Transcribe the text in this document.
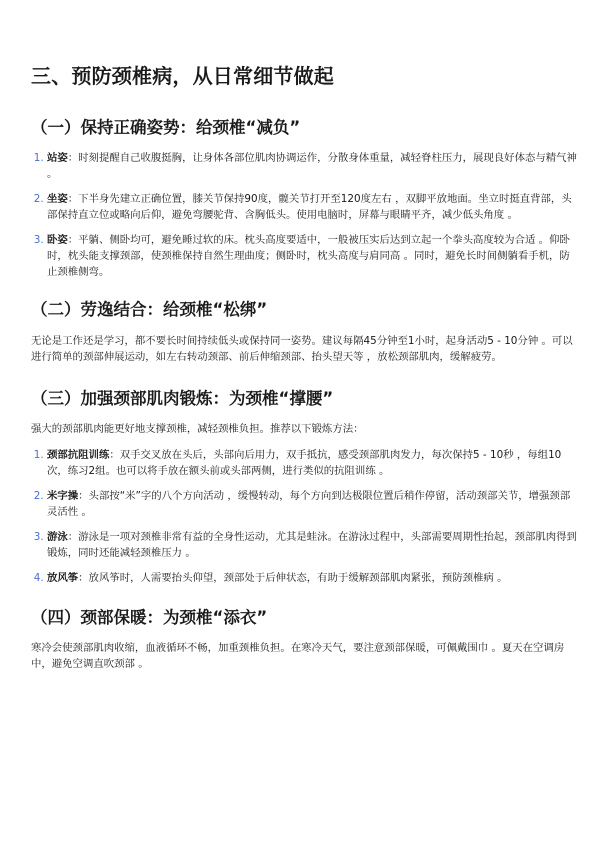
三、预防颈椎病，从日常细节做起
（一）保持正确姿势：给颈椎“减负”
1. 站姿：时刻提醒自己收腹挺胸，让身体各部位肌肉协调运作，分散身体重量，减轻脊柱压力，展现良好体态与精气神 。
2. 坐姿：下半身先建立正确位置，膝关节保持90度，髋关节打开至120度左右 ，双脚平放地面。坐立时挺直背部，头部保持直立位或略向后仰，避免弯腰驼背、含胸低头。使用电脑时，屏幕与眼睛平齐，减少低头角度 。
3. 卧姿：平躺、侧卧均可，避免睡过软的床。枕头高度要适中，一般被压实后达到立起一个拳头高度较为合适 。仰卧时，枕头能支撑颈部，使颈椎保持自然生理曲度；侧卧时，枕头高度与肩同高 。同时，避免长时间侧躺看手机，防止颈椎侧弯。
（二）劳逸结合：给颈椎“松绑”

无论是工作还是学习，都不要长时间持续低头或保持同一姿势。建议每隔45分钟至1小时，起身活动5 - 10分钟 。可以进行简单的颈部伸展运动，如左右转动颈部、前后伸缩颈部、抬头望天等 ，放松颈部肌肉，缓解疲劳。

（三）加强颈部肌肉锻炼：为颈椎“撑腰”

强大的颈部肌肉能更好地支撑颈椎，减轻颈椎负担。推荐以下锻炼方法：

1. 颈部抗阻训练：双手交叉放在头后，头部向后用力，双手抵抗，感受颈部肌肉发力，每次保持5 - 10秒 ，每组10次，练习2组。也可以将手放在额头前或头部两侧，进行类似的抗阻训练 。
2. 米字操：头部按“米”字的八个方向活动 ，缓慢转动，每个方向到达极限位置后稍作停留，活动颈部关节，增强颈部灵活性 。
3. 游泳：游泳是一项对颈椎非常有益的全身性运动，尤其是蛙泳。在游泳过程中，头部需要周期性抬起，颈部肌肉得到锻炼，同时还能减轻颈椎压力 。
4. 放风筝：放风筝时，人需要抬头仰望，颈部处于后伸状态，有助于缓解颈部肌肉紧张，预防颈椎病 。
（四）颈部保暖：为颈椎“添衣”

寒冷会使颈部肌肉收缩，血液循环不畅，加重颈椎负担。在寒冷天气，要注意颈部保暖，可佩戴围巾 。夏天在空调房中，避免空调直吹颈部 。
